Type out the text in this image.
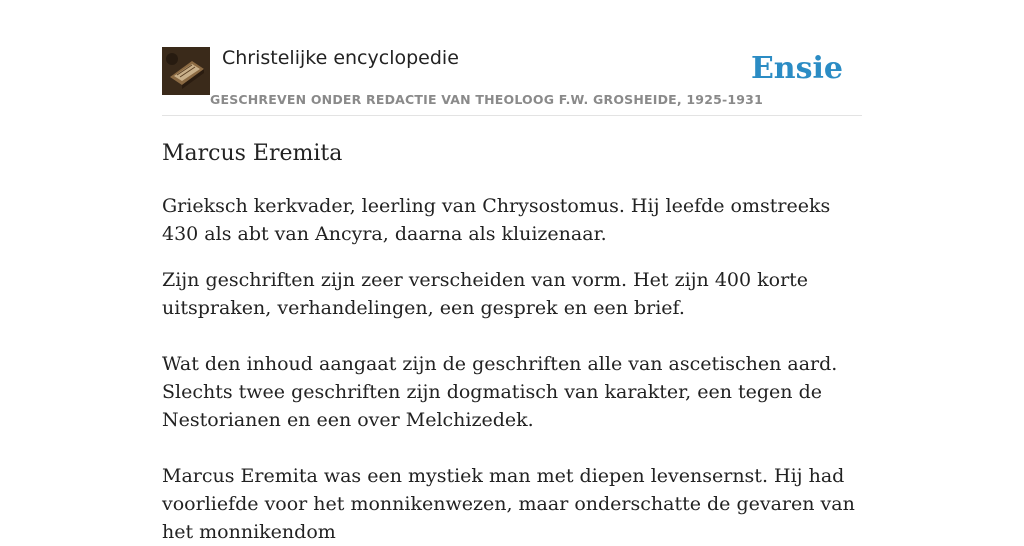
Christelijke encyclopedie
GESCHREVEN ONDER REDACTIE VAN THEOLOOG F.W. GROSHEIDE, 1925-1931
Ensie
Marcus Eremita

Grieksch kerkvader, leerling van Chrysostomus. Hij leefde omstreeks 430 als abt van Ancyra, daarna als kluizenaar.

Zijn geschriften zijn zeer verscheiden van vorm. Het zijn 400 korte uitspraken, verhandelingen, een gesprek en een brief.

Wat den inhoud aangaat zijn de geschriften alle van ascetischen aard. Slechts twee geschriften zijn dogmatisch van karakter, een tegen de Nestorianen en een over Melchizedek.

Marcus Eremita was een mystiek man met diepen levensernst. Hij had voorliefde voor het monnikenwezen, maar onderschatte de gevaren van het monnikendom
